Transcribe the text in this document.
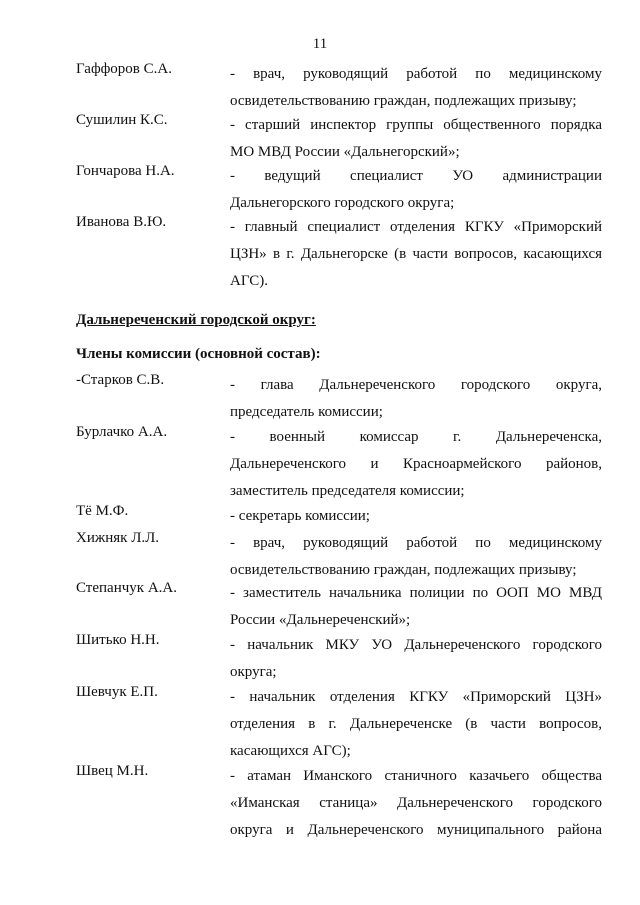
11
Гаффоров С.А.	- врач, руководящий работой по медицинскому
освидетельствованию граждан, подлежащих призыву;
Сушилин К.С.	- старший инспектор группы общественного порядка
МО МВД России «Дальнегорский»;
Гончарова Н.А.	- ведущий специалист УО администрации
Дальнегорского городского округа;
Иванова В.Ю.	- главный специалист отделения КГКУ «Приморский
ЦЗН» в г. Дальнегорске (в части вопросов, касающихся
АГС).
Дальнереченский городской округ:
Члены комиссии (основной состав):
-Старков С.В.	- глава Дальнереченского городского округа,
председатель комиссии;
Бурлачко А.А.	- военный комиссар г. Дальнереченска,
Дальнереченского и Красноармейского районов,
заместитель председателя комиссии;
Тё М.Ф.	- секретарь комиссии;
Хижняк Л.Л.	- врач, руководящий работой по медицинскому
освидетельствованию граждан, подлежащих призыву;
Степанчук А.А.	- заместитель начальника полиции по ООП МО МВД
России «Дальнереченский»;
Шитько Н.Н.	- начальник МКУ УО Дальнереченского городского
округа;
Шевчук Е.П.	- начальник отделения КГКУ «Приморский ЦЗН»
отделения в г. Дальнереченске (в части вопросов,
касающихся АГС);
Швец М.Н.	- атаман Иманского станичного казачьего общества
«Иманская станица» Дальнереченского городского
округа и Дальнереченского муниципального района
